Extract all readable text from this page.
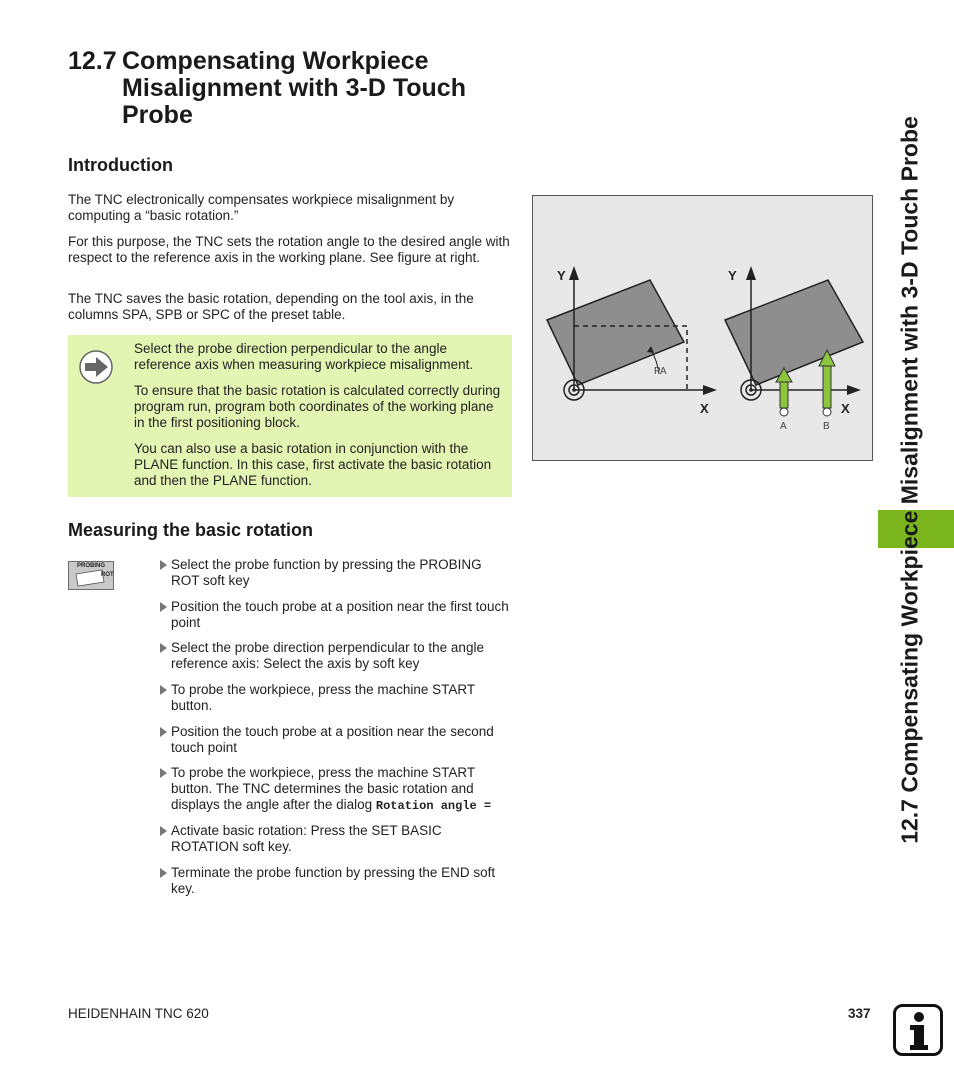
12.7 Compensating Workpiece
Misalignment with 3-D Touch
Probe
Introduction
The TNC electronically compensates workpiece misalignment by computing a “basic rotation.”
For this purpose, the TNC sets the rotation angle to the desired angle with respect to the reference axis in the working plane. See figure at right.
The TNC saves the basic rotation, depending on the tool axis, in the columns SPA, SPB or SPC of the preset table.
Select the probe direction perpendicular to the angle reference axis when measuring workpiece misalignment.
To ensure that the basic rotation is calculated correctly during program run, program both coordinates of the working plane in the first positioning block.
You can also use a basic rotation in conjunction with the PLANE function. In this case, first activate the basic rotation and then the PLANE function.
Y
X
PA
Y
X
A	B
Measuring the basic rotation
PROBING
ROT
Select the probe function by pressing the PROBING ROT soft key
Position the touch probe at a position near the first touch point
Select the probe direction perpendicular to the angle reference axis: Select the axis by soft key
To probe the workpiece, press the machine START button.
Position the touch probe at a position near the second touch point
To probe the workpiece, press the machine START button. The TNC determines the basic rotation and displays the angle after the dialog Rotation angle =
Activate basic rotation: Press the SET BASIC ROTATION soft key.
Terminate the probe function by pressing the END soft key.
12.7 Compensating Workpiece Misalignment with 3-D Touch Probe
HEIDENHAIN TNC 620	337
